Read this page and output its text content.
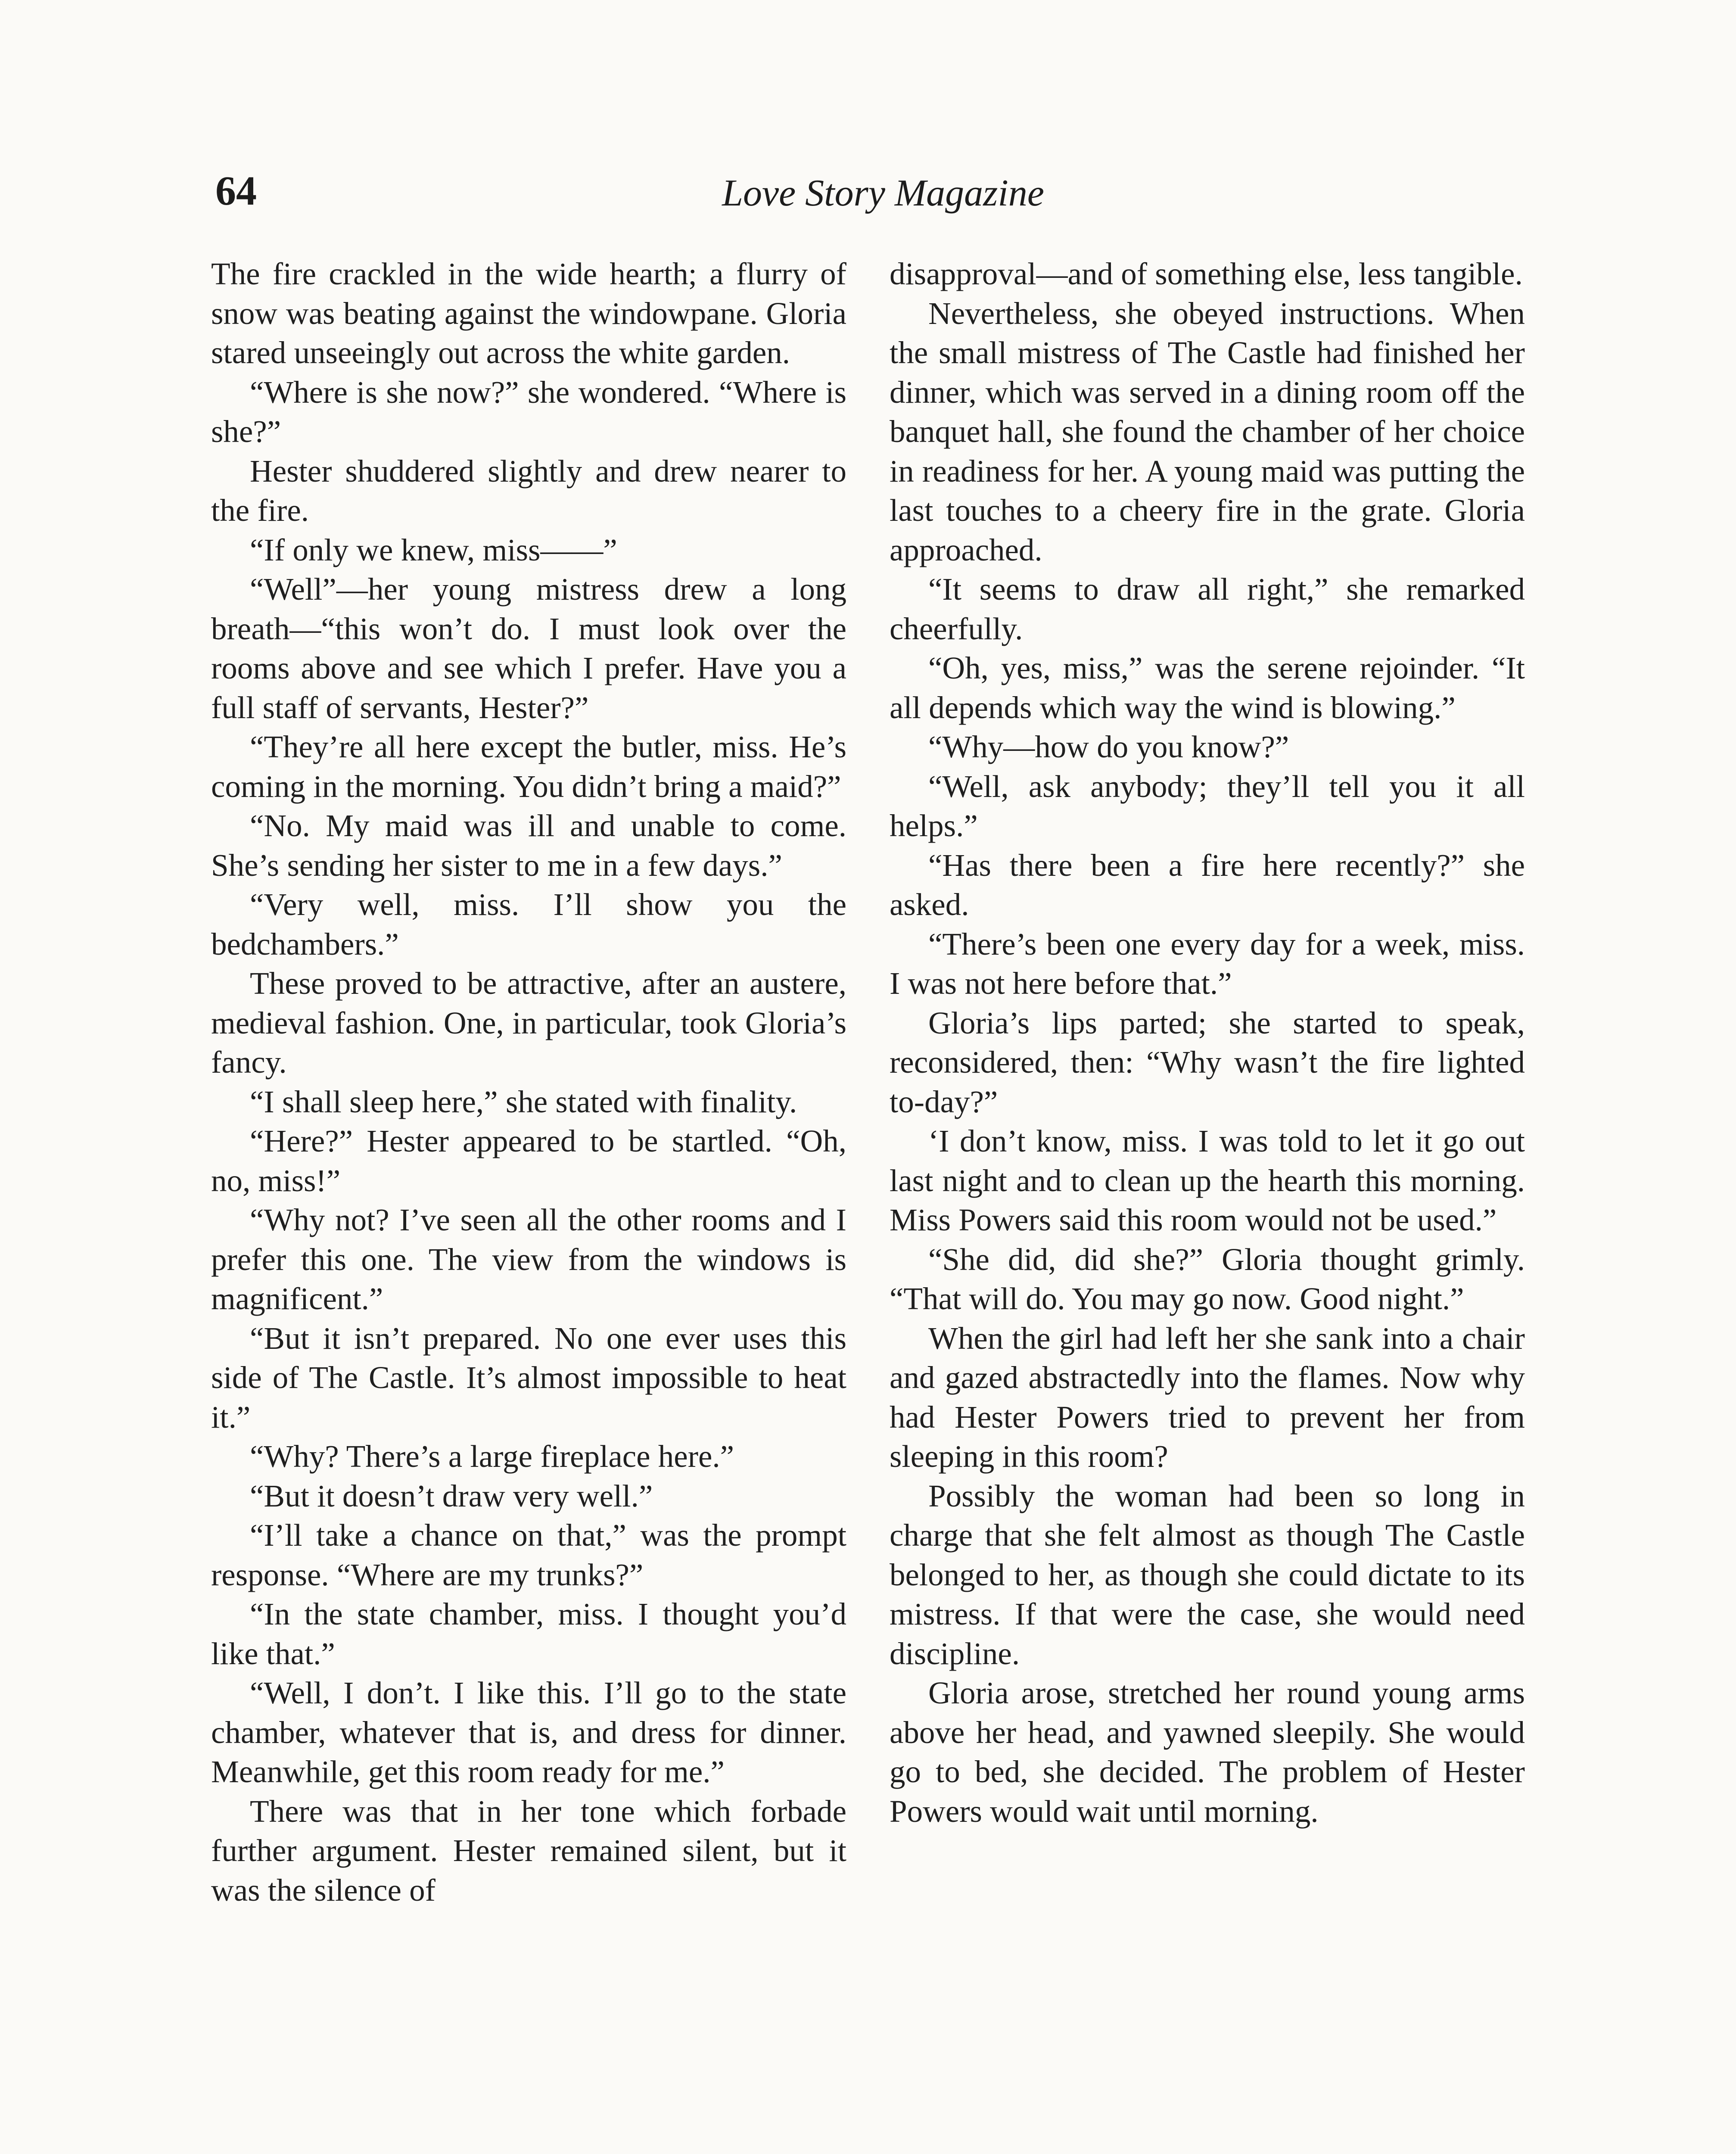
64	Love Story Magazine

The fire crackled in the wide hearth; a flurry of snow was beating against the windowpane. Gloria stared unseeingly out across the white garden.

“Where is she now?” she wondered. “Where is she?”

Hester shuddered slightly and drew nearer to the fire.

“If only we knew, miss——”

“Well”—her young mistress drew a long breath—“this won’t do. I must look over the rooms above and see which I prefer. Have you a full staff of servants, Hester?”

“They’re all here except the butler, miss. He’s coming in the morning. You didn’t bring a maid?”

“No. My maid was ill and unable to come. She’s sending her sister to me in a few days.”

“Very well, miss. I’ll show you the bedchambers.”

These proved to be attractive, after an austere, medieval fashion. One, in particular, took Gloria’s fancy.

“I shall sleep here,” she stated with finality.

“Here?” Hester appeared to be startled. “Oh, no, miss!”

“Why not? I’ve seen all the other rooms and I prefer this one. The view from the windows is magnificent.”

“But it isn’t prepared. No one ever uses this side of The Castle. It’s almost impossible to heat it.”

“Why? There’s a large fireplace here.”

“But it doesn’t draw very well.”

“I’ll take a chance on that,” was the prompt response. “Where are my trunks?”

“In the state chamber, miss. I thought you’d like that.”

“Well, I don’t. I like this. I’ll go to the state chamber, whatever that is, and dress for dinner. Meanwhile, get this room ready for me.”

There was that in her tone which forbade further argument. Hester remained silent, but it was the silence of

disapproval—and of something else, less tangible.

Nevertheless, she obeyed instructions. When the small mistress of The Castle had finished her dinner, which was served in a dining room off the banquet hall, she found the chamber of her choice in readiness for her. A young maid was putting the last touches to a cheery fire in the grate. Gloria approached.

“It seems to draw all right,” she remarked cheerfully.

“Oh, yes, miss,” was the serene rejoinder. “It all depends which way the wind is blowing.”

“Why—how do you know?”

“Well, ask anybody; they’ll tell you it all helps.”

“Has there been a fire here recently?” she asked.

“There’s been one every day for a week, miss. I was not here before that.”

Gloria’s lips parted; she started to speak, reconsidered, then: “Why wasn’t the fire lighted to-day?”

‘I don’t know, miss. I was told to let it go out last night and to clean up the hearth this morning. Miss Powers said this room would not be used.”

“She did, did she?” Gloria thought grimly. “That will do. You may go now. Good night.”

When the girl had left her she sank into a chair and gazed abstractedly into the flames. Now why had Hester Powers tried to prevent her from sleeping in this room?

Possibly the woman had been so long in charge that she felt almost as though The Castle belonged to her, as though she could dictate to its mistress. If that were the case, she would need discipline.

Gloria arose, stretched her round young arms above her head, and yawned sleepily. She would go to bed, she decided. The problem of Hester Powers would wait until morning.
